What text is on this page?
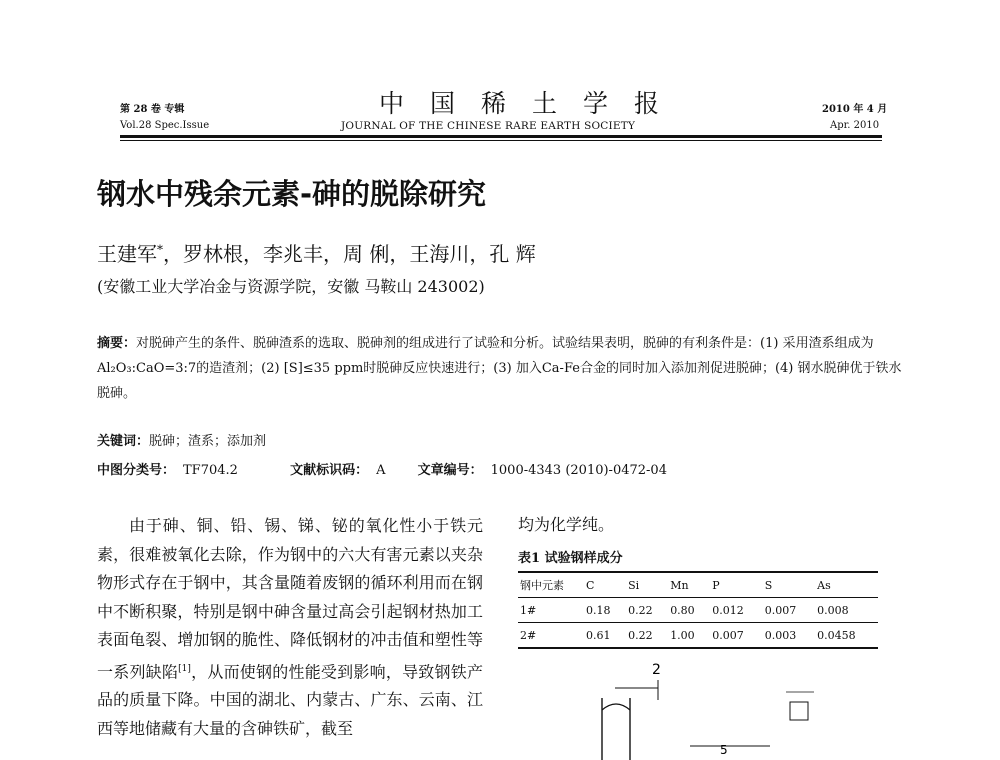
第 28 卷 专辑
Vol.28 Spec.Issue
中国稀土学报
JOURNAL OF THE CHINESE RARE EARTH SOCIETY
2010 年 4 月
Apr. 2010
钢水中残余元素-砷的脱除研究
王建军*，罗林根，李兆丰，周 俐，王海川，孔 辉
(安徽工业大学冶金与资源学院，安徽 马鞍山 243002)
摘要：对脱砷产生的条件、脱砷渣系的选取、脱砷剂的组成进行了试验和分析。试验结果表明，脱砷的有利条件是：(1) 采用渣系组成为Al₂O₃:CaO=3:7的造渣剂；(2) [S]≤35 ppm时脱砷反应快速进行；(3) 加入Ca-Fe合金的同时加入添加剂促进脱砷；(4) 钢水脱砷优于铁水脱砷。
关键词：脱砷；渣系；添加剂
中图分类号： TF704.2	文献标识码： A 文章编号： 1000-4343 (2010)-0472-04

由于砷、铜、铅、锡、锑、铋的氧化性小于铁元素，很难被氧化去除，作为钢中的六大有害元素以夹杂物形式存在于钢中，其含量随着废钢的循环利用而在钢中不断积聚，特别是钢中砷含量过高会引起钢材热加工表面龟裂、增加钢的脆性、降低钢材的冲击值和塑性等一系列缺陷[1]，从而使钢的性能受到影响，导致钢铁产品的质量下降。中国的湖北、内蒙古、广东、云南、江西等地储藏有大量的含砷铁矿，截至

均为化学纯。
表1 试验钢样成分
钢中元素	C	Si	Mn	P	S	As
1#	0.18	0.22	0.80	0.012	0.007	0.008
2#	0.61	0.22	1.00	0.007	0.003	0.0458
2
5
